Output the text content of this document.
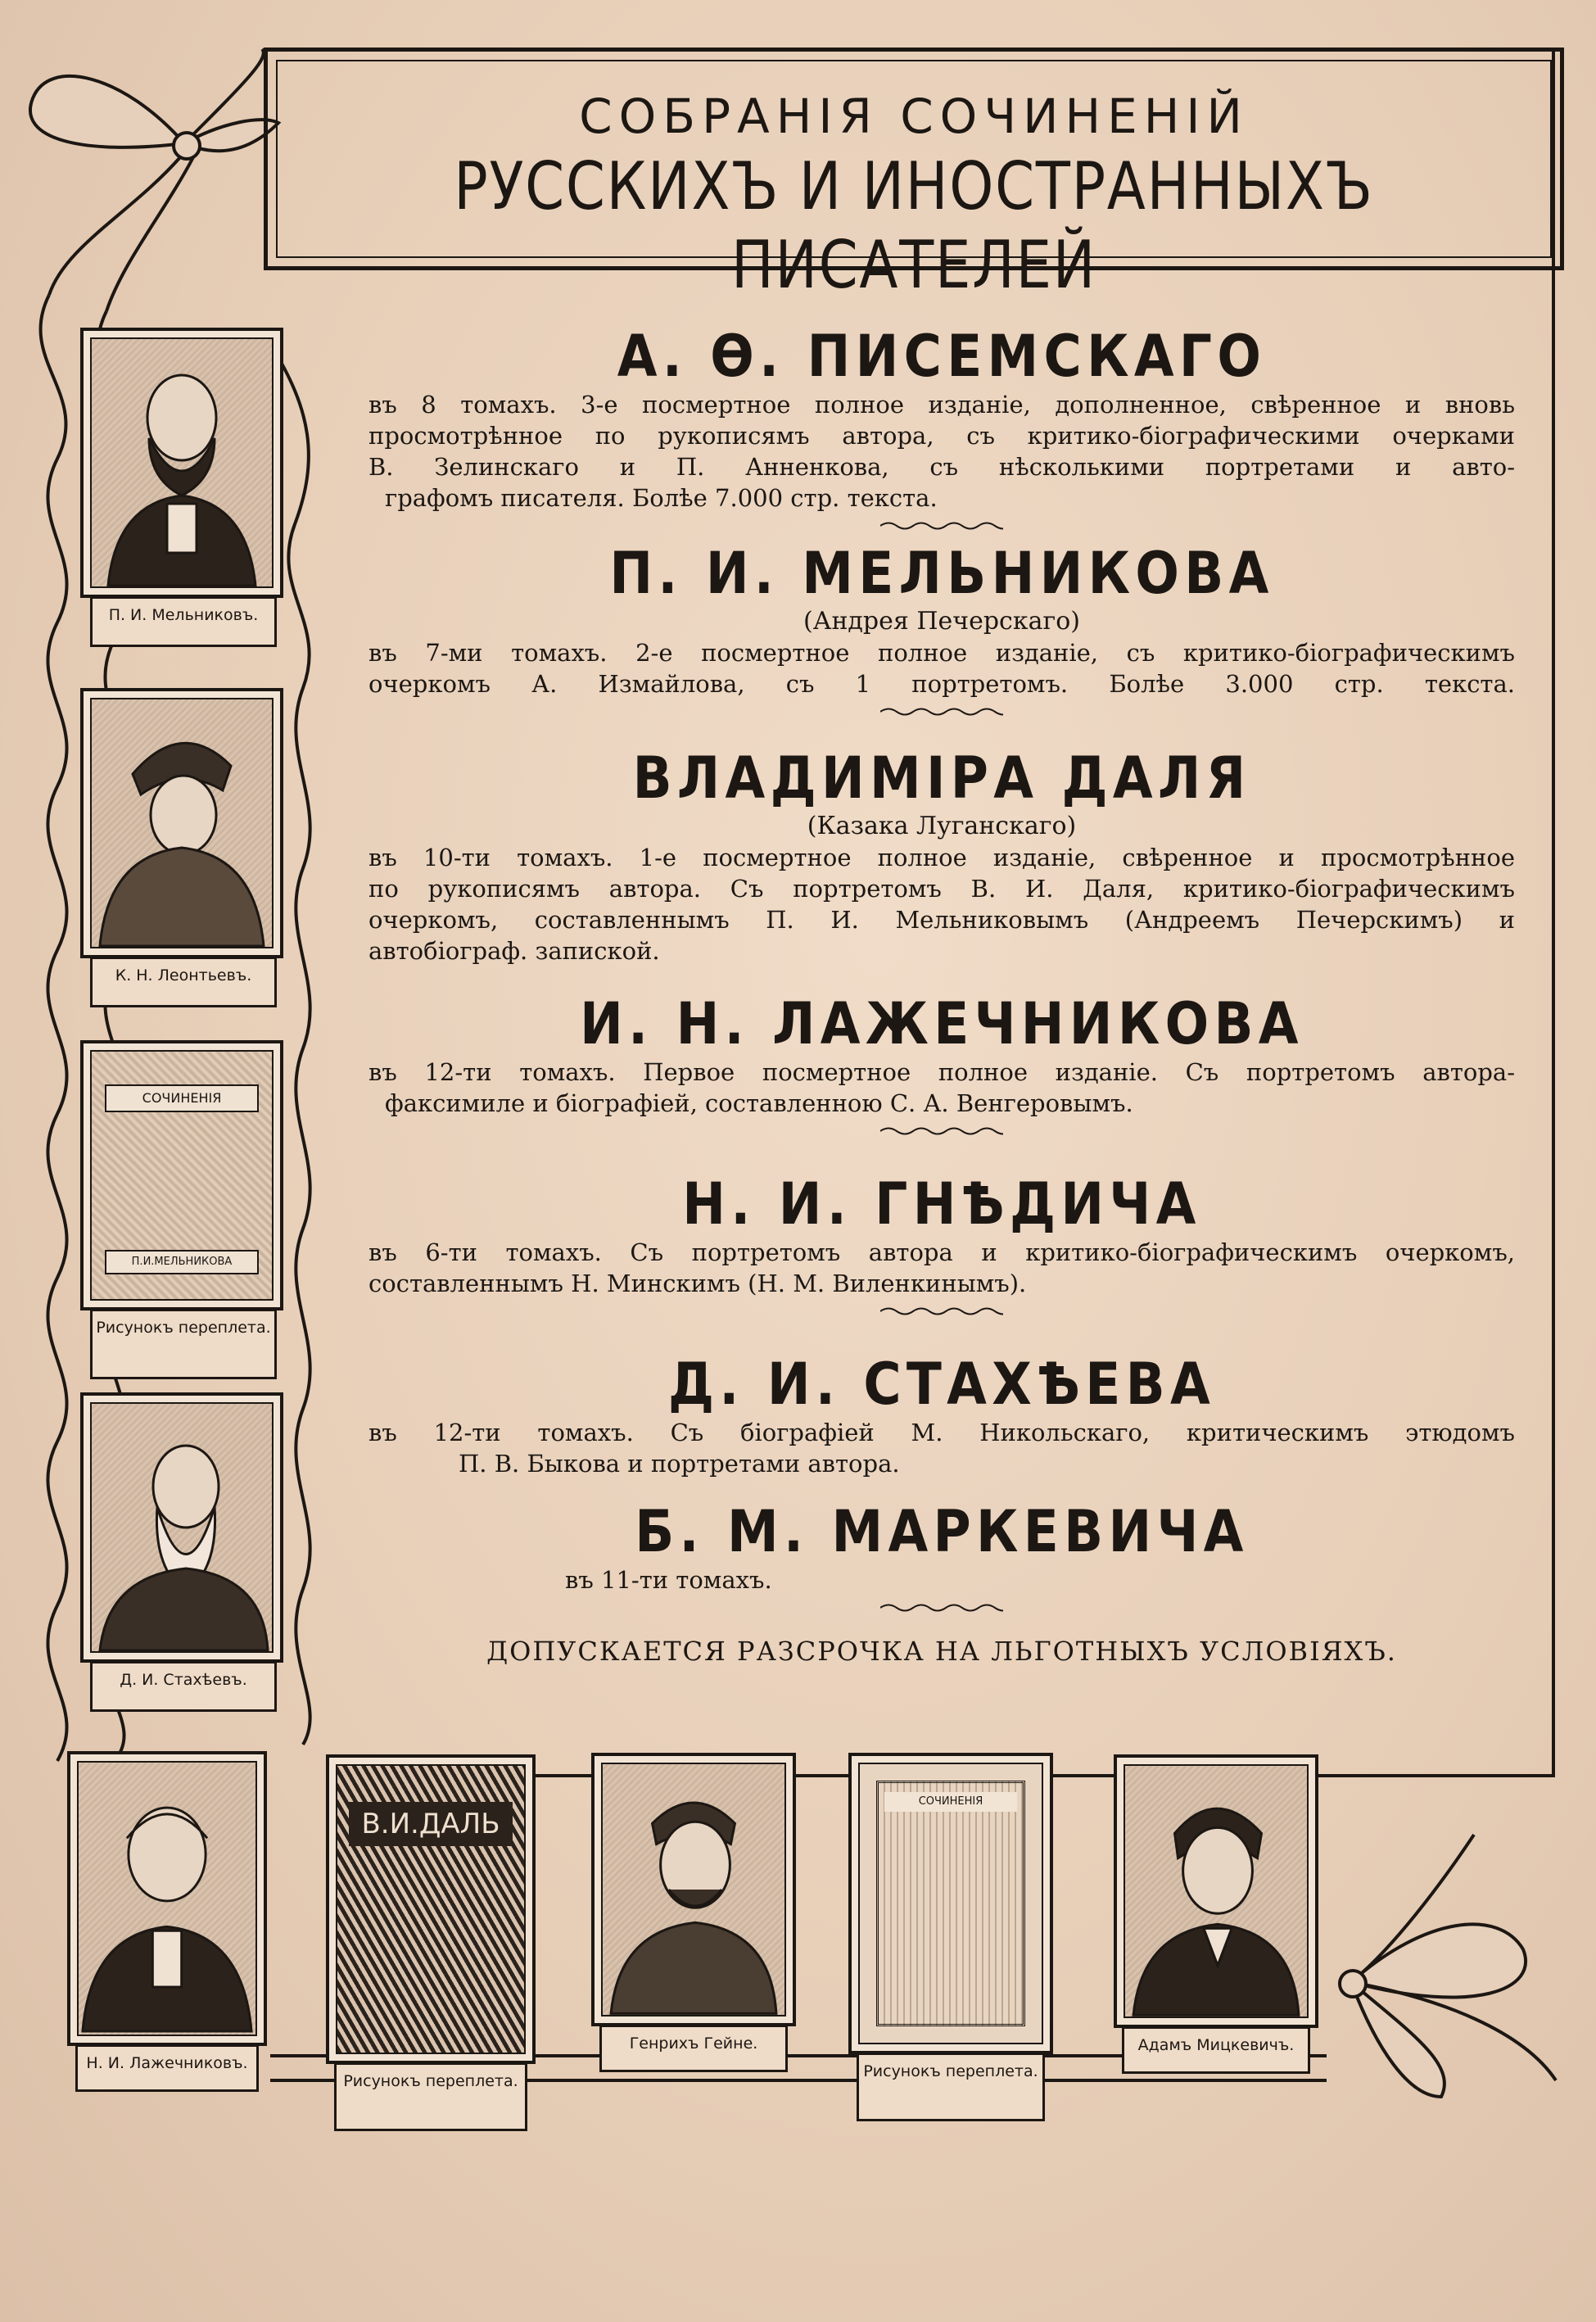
СОБРАНІЯ СОЧИНЕНІЙ
РУССКИХЪ И ИНОСТРАННЫХЪ ПИСАТЕЛЕЙ
А. Ѳ. ПИСЕМСКАГО
въ 8 томахъ. 3-е посмертное полное изданіе, дополненное, свѣренное и вновь
просмотрѣнное по рукописямъ автора, съ критико-біографическими очерками
В. Зелинскаго и П. Анненкова, съ нѣсколькими портретами и авто-
графомъ писателя. Болѣе 7.000 стр. текста.
П. И. МЕЛЬНИКОВА
(Андрея Печерскаго)
въ 7-ми томахъ. 2-е посмертное полное изданіе, съ критико-біографическимъ
очеркомъ А. Измайлова, съ 1 портретомъ. Болѣе 3.000 стр. текста.
ВЛАДИМІРА ДАЛЯ
(Казака Луганскаго)
въ 10-ти томахъ. 1-е посмертное полное изданіе, свѣренное и просмотрѣнное
по рукописямъ автора. Съ портретомъ В. И. Даля, критико-біографическимъ
очеркомъ, составленнымъ П. И. Мельниковымъ (Андреемъ Печерскимъ) и
автобіограф. запиской.
И. Н. ЛАЖЕЧНИКОВА
въ 12-ти томахъ. Первое посмертное полное изданіе. Съ портретомъ автора-
факсимиле и біографіей, составленною С. А. Венгеровымъ.
Н. И. ГНѢДИЧА
въ 6-ти томахъ. Съ портретомъ автора и критико-біографическимъ очеркомъ,
составленнымъ Н. Минскимъ (Н. М. Виленкинымъ).
Д. И. СТАХѢЕВА
въ 12-ти томахъ. Съ біографіей М. Никольскаго, критическимъ этюдомъ
П. В. Быкова и портретами автора.
Б. М. МАРКЕВИЧА
въ 11-ти томахъ.
ДОПУСКАЕТСЯ РАЗСРОЧКА НА ЛЬГОТНЫХЪ УСЛОВІЯХЪ.
П. И. Мельниковъ.
К. Н. Леонтьевъ.
СОЧИНЕНІЯ
П.И.МЕЛЬНИКОВА
Рисунокъ переплета.
Д. И. Стахѣевъ.
Н. И. Лажечниковъ.
В.И.ДАЛЬ
Рисунокъ переплета.
Генрихъ Гейне.
СОЧИНЕНІЯ
Рисунокъ переплета.
Адамъ Мицкевичъ.
